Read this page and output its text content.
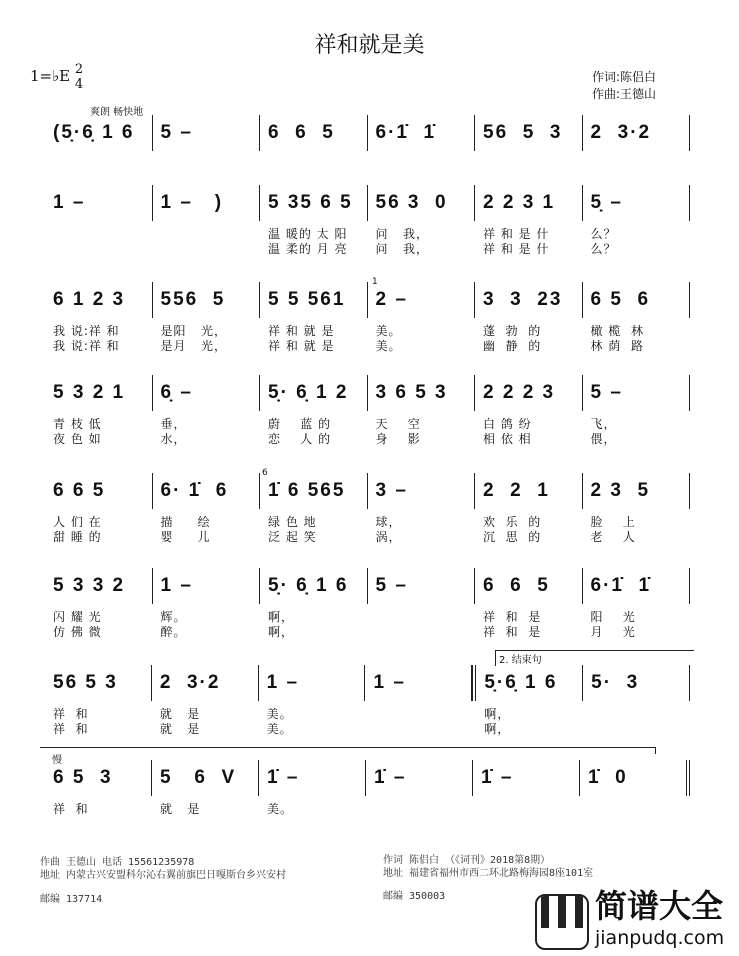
祥和就是美
1=♭E 2
4	作词:陈侣白
作曲:王德山
爽朗 畅快地
2. 结束句
慢
1
6
(5̣·6̣ 1 6	5 –	6  6  5	6·1̇  1̇	56  5  3	2  3·2
1 –	1 –   )	5 35 6 5
温 暖的 太 阳
温 柔的 月 亮
56 3  0
问   我，
问   我，
2 2 3 1
祥 和 是 什
祥 和 是 什
5̣ –
么？
么？
6 1 2 3
我 说:祥 和
我 说:祥 和
556  5
是阳   光，
是月   光，
5 5 561
祥 和 就 是
祥 和 就 是
2 –
美。
美。
3  3  23
蓬  勃  的
幽  静  的
6 5  6
橄 榄  林
林 荫  路
5 3 2 1
青 枝 低
夜 色 如
6̣ –
垂，
水，
5̣· 6̣ 1 2
蔚    蓝 的
恋    人 的
3 6 5 3
天    空
身    影
2 2 2 3
白 鸽 纷
相 依 相
5 –
飞，
偎，
6 6 5
人 们 在
甜 睡 的
6· 1̇  6
描     绘
婴     儿
1̇ 6 565
绿 色 地
泛 起 笑
3 –
球，
涡，
2  2  1
欢  乐  的
沉  思  的
2 3  5
脸    上
老    人
5 3 3 2
闪 耀 光
仿 佛 微
1 –
辉。
醉。
5̣· 6̣ 1 6
啊，
啊，
5 –	6  6  5
祥  和  是
祥  和  是
6·1̇  1̇
阳    光
月    光
56 5 3
祥  和
祥  和
2  3·2
就   是
就   是
1 –
美。
美。
1 –	5̣·6̣ 1 6
啊，
啊，
5·  3
6 5  3
祥  和
5   6  V
就   是
1̇ –
美。
1̇ –	1̇ –	1̇  0
作曲 王德山 电话 15561235978
地址 内蒙古兴安盟科尔沁右翼前旗巴日嘎斯台乡兴安村
邮编 137714
作词 陈侣白 （《词刊》2018第8期）
地址 福建省福州市西二环北路梅海园8座101室
邮编 350003	简谱大全
jianpudq.com
